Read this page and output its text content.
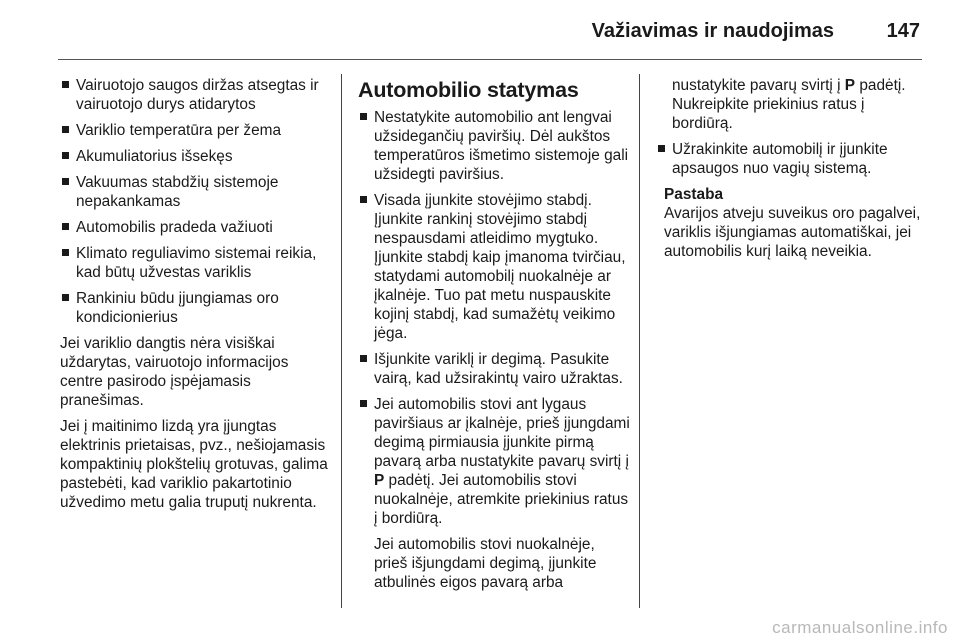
Važiavimas ir naudojimas	147
Vairuotojo saugos diržas atsegtas ir vairuotojo durys atidarytos
Variklio temperatūra per žema
Akumuliatorius išsekęs
Vakuumas stabdžių sistemoje nepakankamas
Automobilis pradeda važiuoti
Klimato reguliavimo sistemai reikia, kad būtų užvestas variklis
Rankiniu būdu įjungiamas oro kondicionierius

Jei variklio dangtis nėra visiškai uždarytas, vairuotojo informacijos centre pasirodo įspėjamasis pranešimas.

Jei į maitinimo lizdą yra įjungtas elektrinis prietaisas, pvz., nešiojamasis kompaktinių plokštelių grotuvas, galima pastebėti, kad variklio pakartotinio užvedimo metu galia truputį nukrenta.

Automobilio statymas
Nestatykite automobilio ant lengvai užsidegančių paviršių. Dėl aukštos temperatūros išmetimo sistemoje gali užsidegti paviršius.
Visada įjunkite stovėjimo stabdį. Įjunkite rankinį stovėjimo stabdį nespausdami atleidimo mygtuko. Įjunkite stabdį kaip įmanoma tvirčiau, statydami automobilį nuokalnėje ar įkalnėje. Tuo pat metu nuspauskite kojinį stabdį, kad sumažėtų veikimo jėga.
Išjunkite variklį ir degimą. Pasukite vairą, kad užsirakintų vairo užraktas.
Jei automobilis stovi ant lygaus paviršiaus ar įkalnėje, prieš įjungdami degimą pirmiausia įjunkite pirmą pavarą arba nustatykite pavarų svirtį į P padėtį. Jei automobilis stovi nuokalnėje, atremkite priekinius ratus į bordiūrą.

Jei automobilis stovi nuokalnėje, prieš išjungdami degimą, įjunkite atbulinės eigos pavarą arba

nustatykite pavarų svirtį į P padėtį. Nukreipkite priekinius ratus į bordiūrą.

Užrakinkite automobilį ir įjunkite apsaugos nuo vagių sistemą.

Pastaba

Avarijos atveju suveikus oro pagalvei, variklis išjungiamas automatiškai, jei automobilis kurį laiką neveikia.

carmanualsonline.info
